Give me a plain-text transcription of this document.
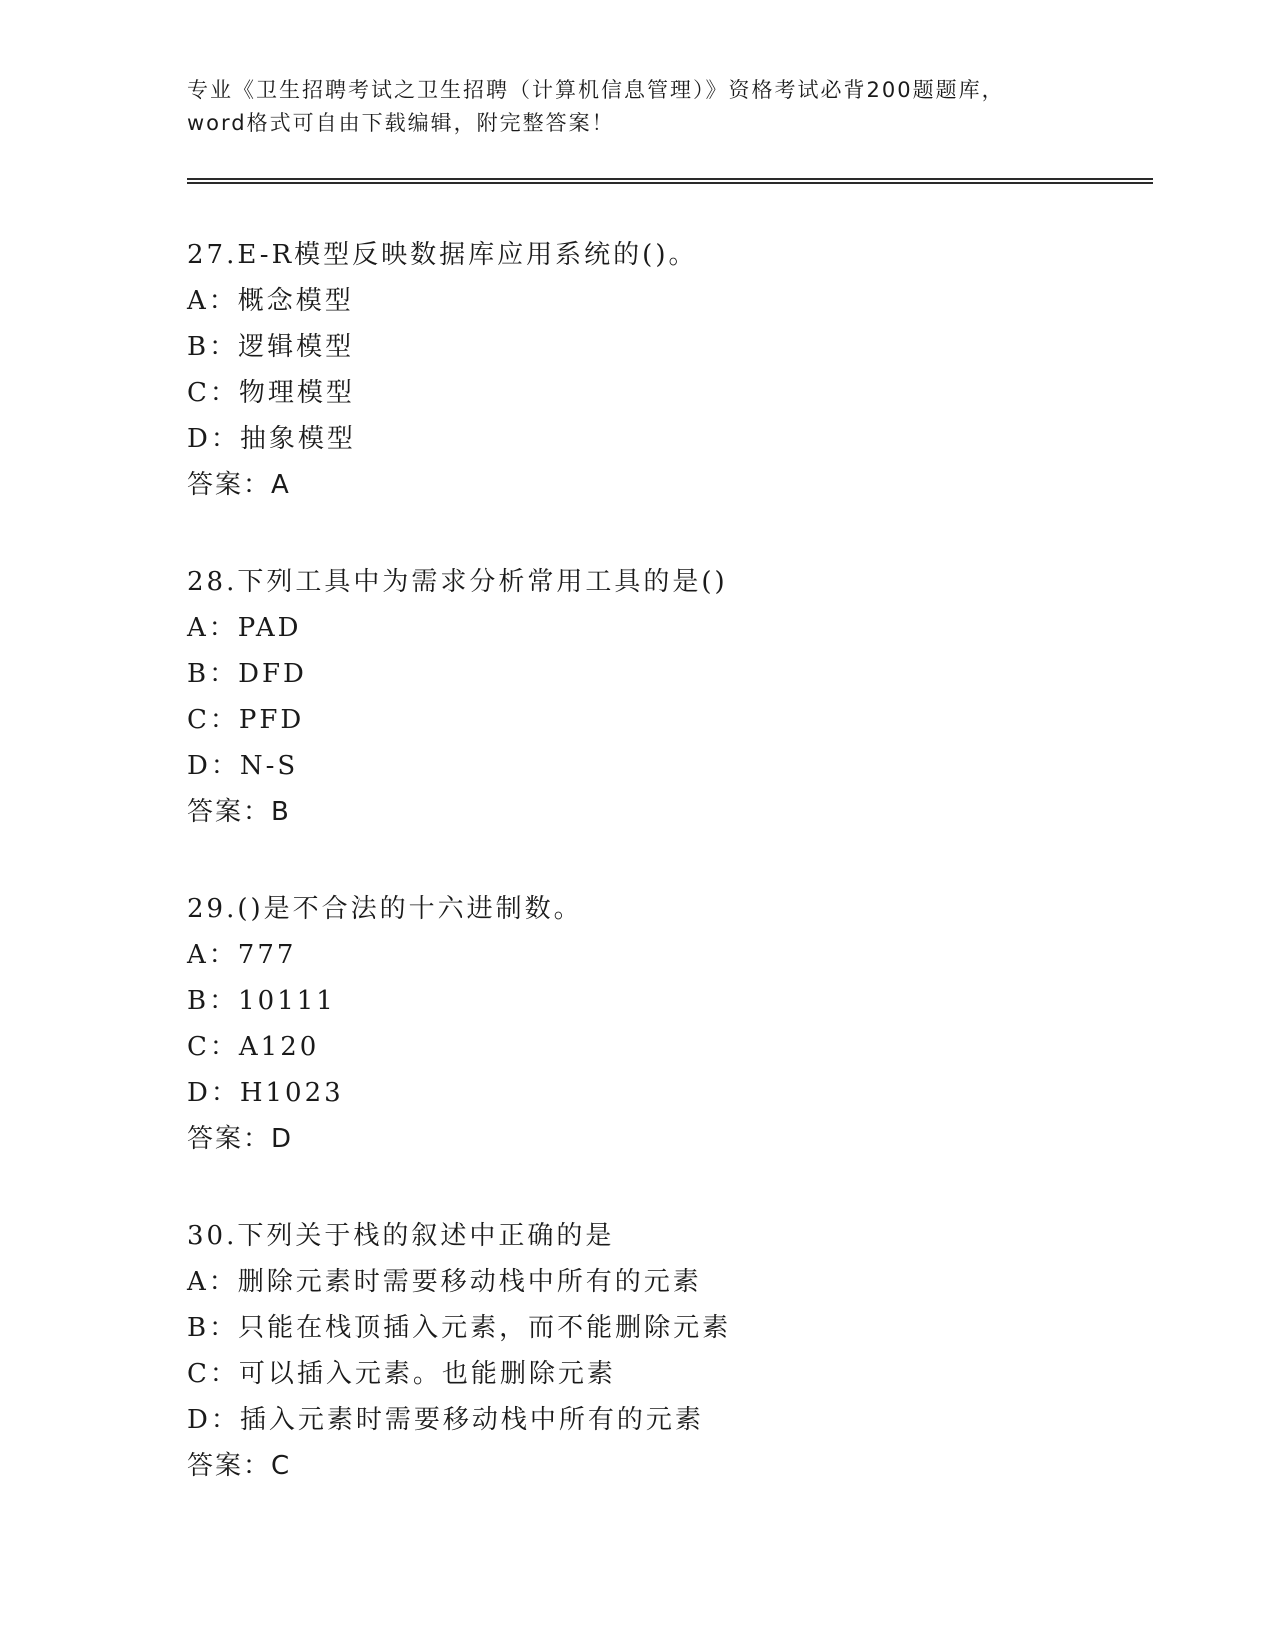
专业《卫生招聘考试之卫生招聘（计算机信息管理）》资格考试必背200题题库，
word格式可自由下载编辑，附完整答案！
27.E-R模型反映数据库应用系统的()。
A：概念模型
B：逻辑模型
C：物理模型
D：抽象模型
答案：A
28.下列工具中为需求分析常用工具的是()
A：PAD
B：DFD
C：PFD
D：N-S
答案：B
29.()是不合法的十六进制数。
A：777
B：10111
C：A120
D：H1023
答案：D
30.下列关于栈的叙述中正确的是
A：删除元素时需要移动栈中所有的元素
B：只能在栈顶插入元素，而不能删除元素
C：可以插入元素。也能删除元素
D：插入元素时需要移动栈中所有的元素
答案：C
